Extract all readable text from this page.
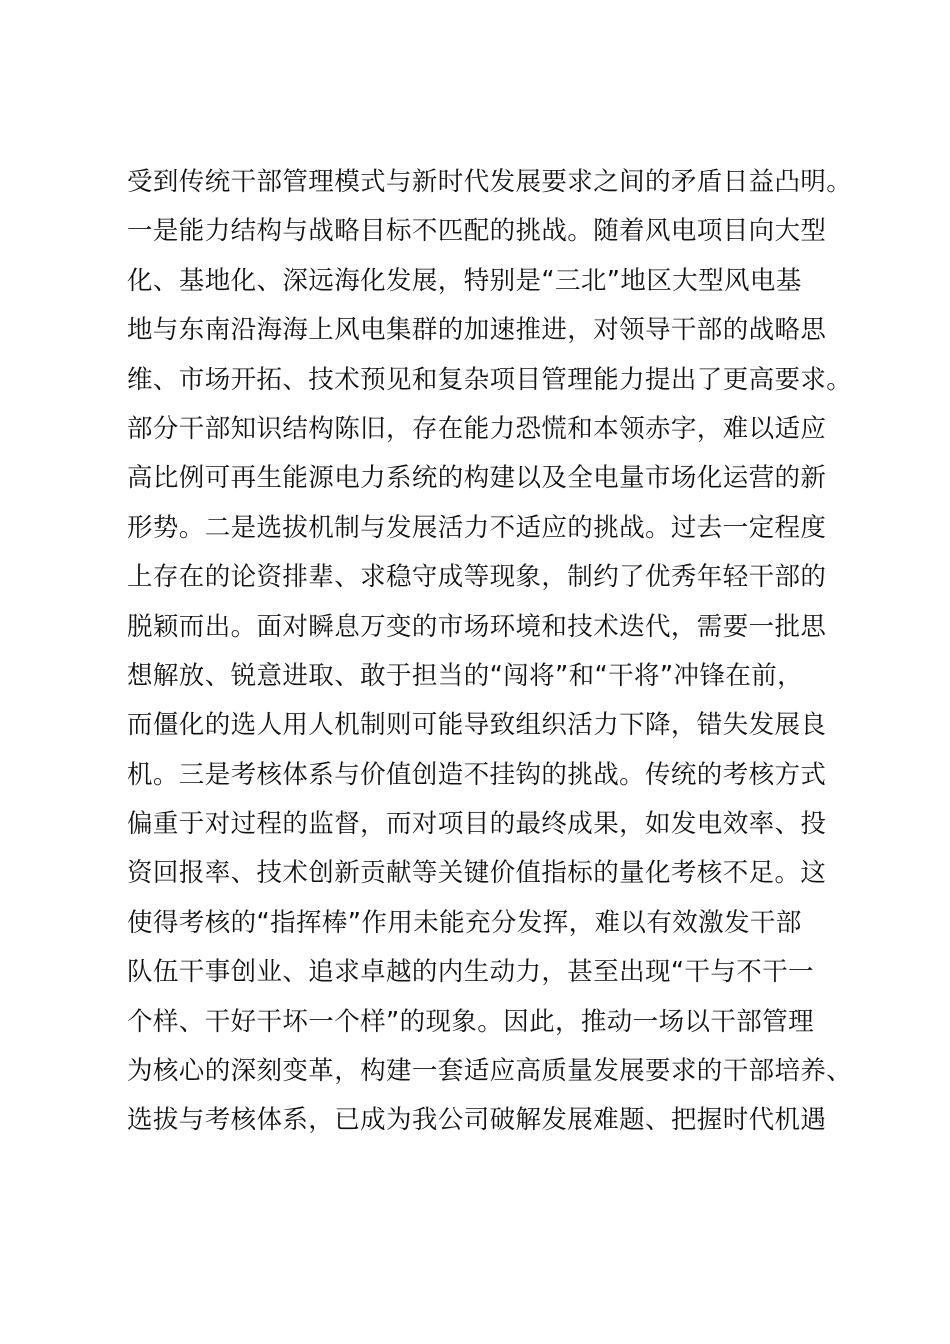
受到传统干部管理模式与新时代发展要求之间的矛盾日益凸明。
一是能力结构与战略目标不匹配的挑战。随着风电项目向大型
化、基地化、深远海化发展，特别是“三北”地区大型风电基
地与东南沿海海上风电集群的加速推进，对领导干部的战略思
维、市场开拓、技术预见和复杂项目管理能力提出了更高要求。
部分干部知识结构陈旧，存在能力恐慌和本领赤字，难以适应
高比例可再生能源电力系统的构建以及全电量市场化运营的新
形势。二是选拔机制与发展活力不适应的挑战。过去一定程度
上存在的论资排辈、求稳守成等现象，制约了优秀年轻干部的
脱颖而出。面对瞬息万变的市场环境和技术迭代，需要一批思
想解放、锐意进取、敢于担当的“闯将”和“干将”冲锋在前，
而僵化的选人用人机制则可能导致组织活力下降，错失发展良
机。三是考核体系与价值创造不挂钩的挑战。传统的考核方式
偏重于对过程的监督，而对项目的最终成果，如发电效率、投
资回报率、技术创新贡献等关键价值指标的量化考核不足。这
使得考核的“指挥棒”作用未能充分发挥，难以有效激发干部
队伍干事创业、追求卓越的内生动力，甚至出现“干与不干一
个样、干好干坏一个样”的现象。因此，推动一场以干部管理
为核心的深刻变革，构建一套适应高质量发展要求的干部培养、
选拔与考核体系，已成为我公司破解发展难题、把握时代机遇
